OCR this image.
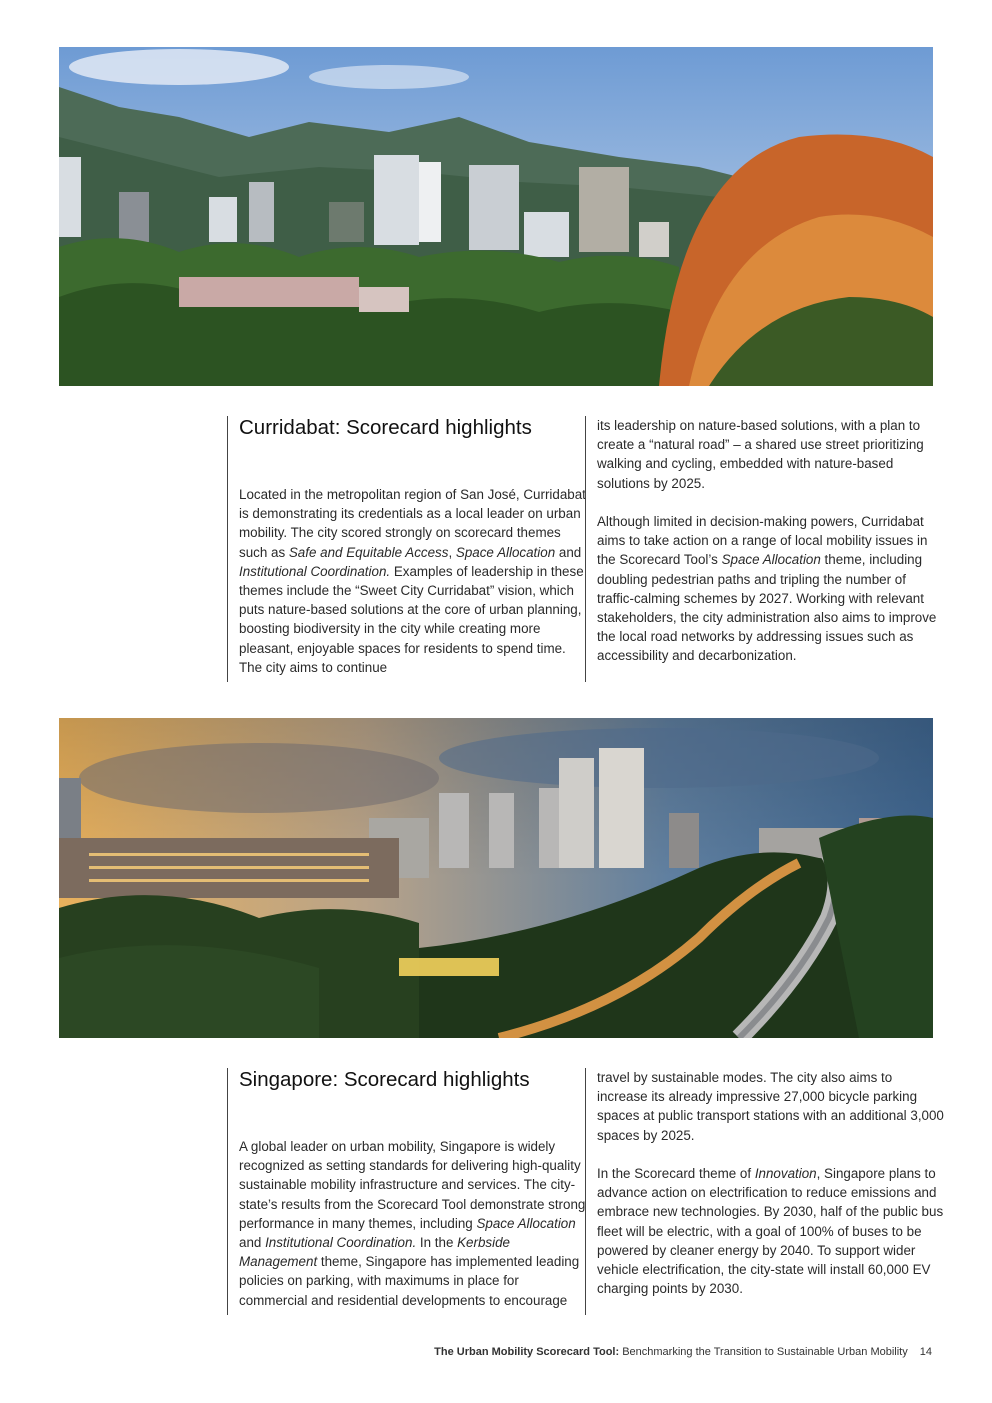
Curridabat: Scorecard highlights

Located in the metropolitan region of San José, Curridabat is demonstrating its credentials as a local leader on urban mobility. The city scored strongly on scorecard themes such as Safe and Equitable Access, Space Allocation and Institutional Coordination. Examples of leadership in these themes include the “Sweet City Curridabat” vision, which puts nature-based solutions at the core of urban planning, boosting biodiversity in the city while creating more pleasant, enjoyable spaces for residents to spend time. The city aims to continue

its leadership on nature-based solutions, with a plan to create a “natural road” – a shared use street prioritizing walking and cycling, embedded with nature-based solutions by 2025.

Although limited in decision-making powers, Curridabat aims to take action on a range of local mobility issues in the Scorecard Tool’s Space Allocation theme, including doubling pedestrian paths and tripling the number of traffic-calming schemes by 2027. Working with relevant stakeholders, the city administration also aims to improve the local road networks by addressing issues such as accessibility and decarbonization.

Singapore: Scorecard highlights

A global leader on urban mobility, Singapore is widely recognized as setting standards for delivering high-quality sustainable mobility infrastructure and services. The city-state’s results from the Scorecard Tool demonstrate strong performance in many themes, including Space Allocation and Institutional Coordination. In the Kerbside Management theme, Singapore has implemented leading policies on parking, with maximums in place for commercial and residential developments to encourage

travel by sustainable modes. The city also aims to increase its already impressive 27,000 bicycle parking spaces at public transport stations with an additional 3,000 spaces by 2025.

In the Scorecard theme of Innovation, Singapore plans to advance action on electrification to reduce emissions and embrace new technologies. By 2030, half of the public bus fleet will be electric, with a goal of 100% of buses to be powered by cleaner energy by 2040. To support wider vehicle electrification, the city-state will install 60,000 EV charging points by 2030.

The Urban Mobility Scorecard Tool: Benchmarking the Transition to Sustainable Urban Mobility 14
